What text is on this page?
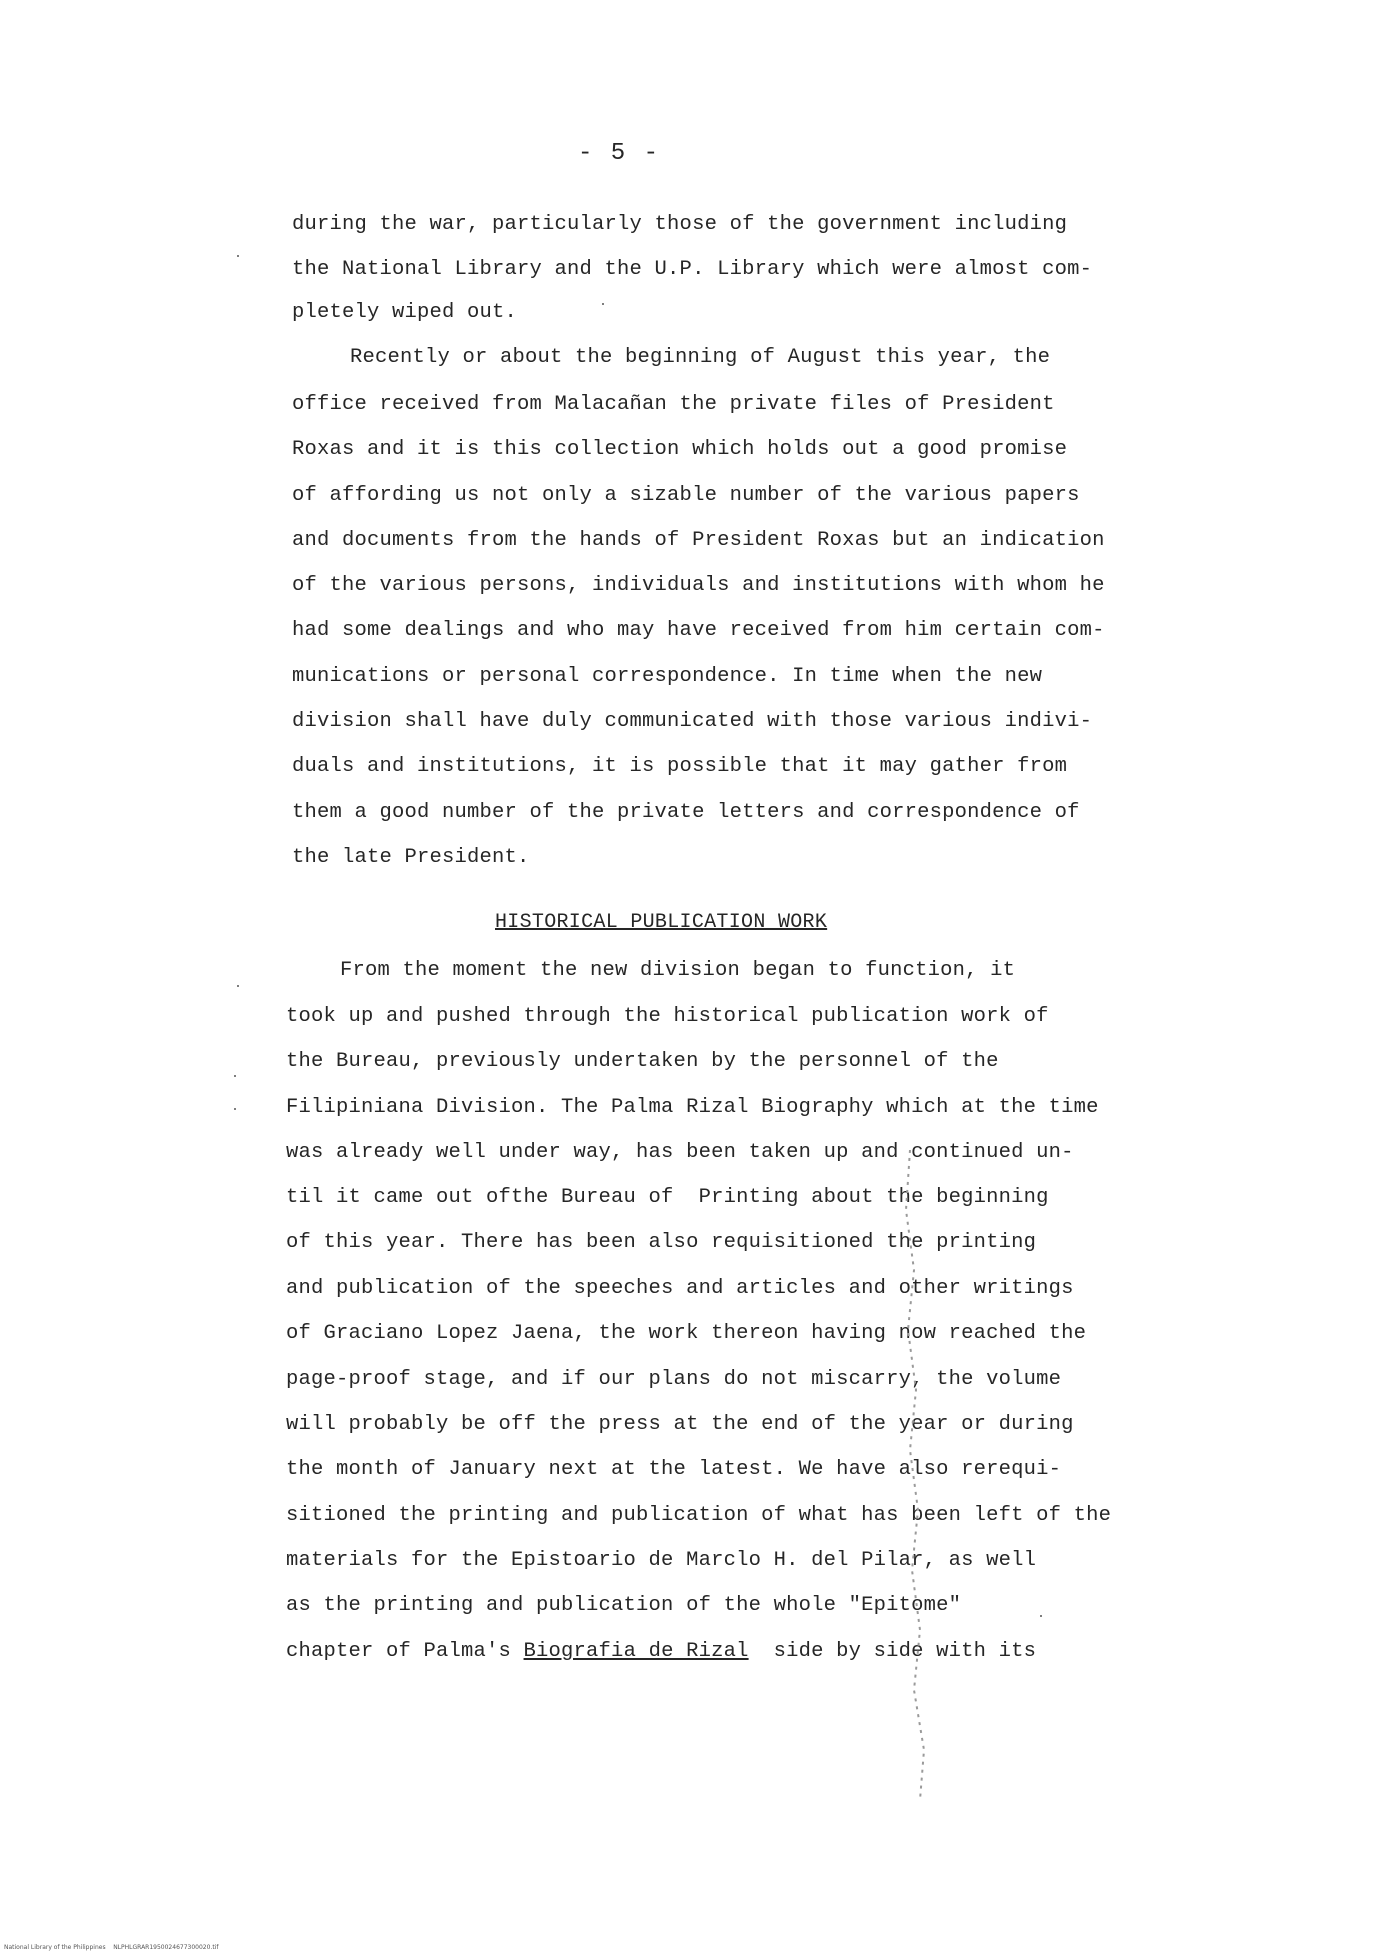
- 5 -
during the war, particularly those of the government including
the National Library and the U.P. Library which were almost com-
pletely wiped out.
Recently or about the beginning of August this year, the
office received from Malacañan the private files of President
Roxas and it is this collection which holds out a good promise
of affording us not only a sizable number of the various papers
and documents from the hands of President Roxas but an indication
of the various persons, individuals and institutions with whom he
had some dealings and who may have received from him certain com-
munications or personal correspondence. In time when the new
division shall have duly communicated with those various indivi-
duals and institutions, it is possible that it may gather from
them a good number of the private letters and correspondence of
the late President.
HISTORICAL PUBLICATION WORK
From the moment the new division began to function, it
took up and pushed through the historical publication work of
the Bureau, previously undertaken by the personnel of the
Filipiniana Division. The Palma Rizal Biography which at the time
was already well under way, has been taken up and continued un-
til it came out ofthe Bureau of  Printing about the beginning
of this year. There has been also requisitioned the printing
and publication of the speeches and articles and other writings
of Graciano Lopez Jaena, the work thereon having now reached the
page-proof stage, and if our plans do not miscarry, the volume
will probably be off the press at the end of the year or during
the month of January next at the latest. We have also rerequi-
sitioned the printing and publication of what has been left of the
materials for the Epistoario de Marclo H. del Pilar, as well
as the printing and publication of the whole "Epitome"
chapter of Palma's Biografia de Rizal  side by side with its
National Library of the Philippines    NLPHLGRAR1950024677300020.tif
